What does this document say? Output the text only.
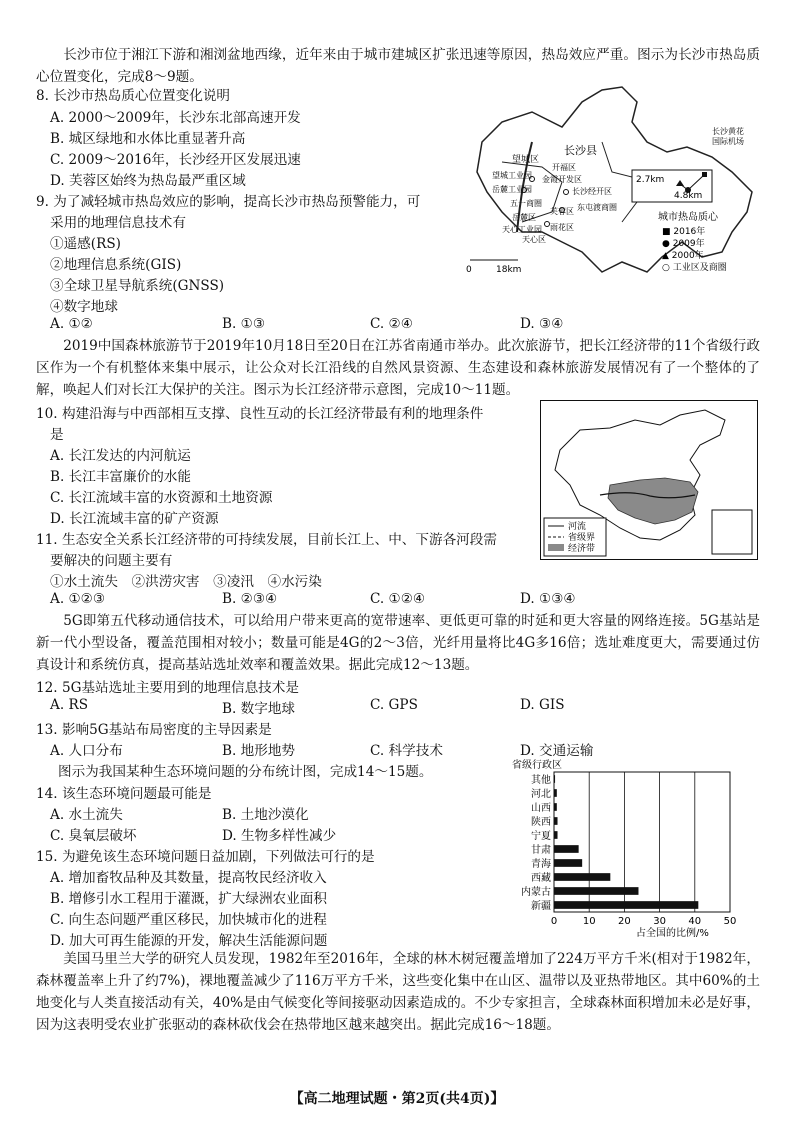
长沙市位于湘江下游和湘浏盆地西缘，近年来由于城市建城区扩张迅速等原因，热岛效应严重。图示为长沙市热岛质心位置变化，完成8～9题。
8. 长沙市热岛质心位置变化说明
A. 2000～2009年，长沙东北部高速开发
B. 城区绿地和水体比重显著升高
C. 2009～2016年，长沙经开区发展迅速
D. 芙蓉区始终为热岛最严重区域
9. 为了减轻城市热岛效应的影响，提高长沙市热岛预警能力，可
采用的地理信息技术有
①遥感(RS)
②地理信息系统(GIS)
③全球卫星导航系统(GNSS)
④数字地球
A. ①②	B. ①③	C. ②④	D. ③④
望城区
长沙县
长沙黄花
国际机场
开福区
望城工业园 金霞开发区
岳麓工业园	长沙经开区
五一商圈
岳麓区
天心工业园
芙蓉区 东屯渡商圈
天心区
雨花区
2.7km
4.8km
0	18km
城市热岛质心
■ 2016年
● 2009年
▲ 2000年
○ 工业区及商圈
2019中国森林旅游节于2019年10月18日至20日在江苏省南通市举办。此次旅游节，把长江经济带的11个省级行政区作为一个有机整体来集中展示，让公众对长江沿线的自然风景资源、生态建设和森林旅游发展情况有了一个整体的了解，唤起人们对长江大保护的关注。图示为长江经济带示意图，完成10～11题。
10. 构建沿海与中西部相互支撑、良性互动的长江经济带最有利的地理条件
是
A. 长江发达的内河航运
B. 长江丰富廉价的水能
C. 长江流域丰富的水资源和土地资源
D. 长江流域丰富的矿产资源	河流
省级界
经济带
11. 生态安全关系长江经济带的可持续发展，目前长江上、中、下游各河段需
要解决的问题主要有
①水土流失　②洪涝灾害　③凌汛　④水污染
A. ①②③	B. ②③④	C. ①②④	D. ①③④
5G即第五代移动通信技术，可以给用户带来更高的宽带速率、更低更可靠的时延和更大容量的网络连接。5G基站是新一代小型设备，覆盖范围相对较小；数量可能是4G的2～3倍，光纤用量将比4G多16倍；选址难度更大，需要通过仿真设计和系统仿真，提高基站选址效率和覆盖效果。据此完成12～13题。
12. 5G基站选址主要用到的地理信息技术是
A. RS	B. 数字地球	C. GPS	D. GIS
13. 影响5G基站布局密度的主导因素是
A. 人口分布	B. 地形地势	C. 科学技术	D. 交通运输
图示为我国某种生态环境问题的分布统计图，完成14～15题。
14. 该生态环境问题最可能是
A. 水土流失	B. 土地沙漠化
C. 臭氧层破坏	D. 生物多样性减少
15. 为避免该生态环境问题日益加剧，下列做法可行的是
A. 增加畜牧品种及其数量，提高牧民经济收入
B. 增修引水工程用于灌溉，扩大绿洲农业面积
C. 向生态问题严重区移民，加快城市化的进程
D. 加大可再生能源的开发，解决生活能源问题
省级行政区
占全国的比例/%
0	10 20 30 40 50
其他
河北
山西
陕西
宁夏
甘肃
青海
西藏
内蒙古
新疆
美国马里兰大学的研究人员发现，1982年至2016年，全球的林木树冠覆盖增加了224万平方千米(相对于1982年，森林覆盖率上升了约7%)，裸地覆盖减少了116万平方千米，这些变化集中在山区、温带以及亚热带地区。其中60%的土地变化与人类直接活动有关，40%是由气候变化等间接驱动因素造成的。不少专家担言，全球森林面积增加未必是好事，因为这表明受农业扩张驱动的森林砍伐会在热带地区越来越突出。据此完成16～18题。
【高二地理试题・第2页(共4页)】
